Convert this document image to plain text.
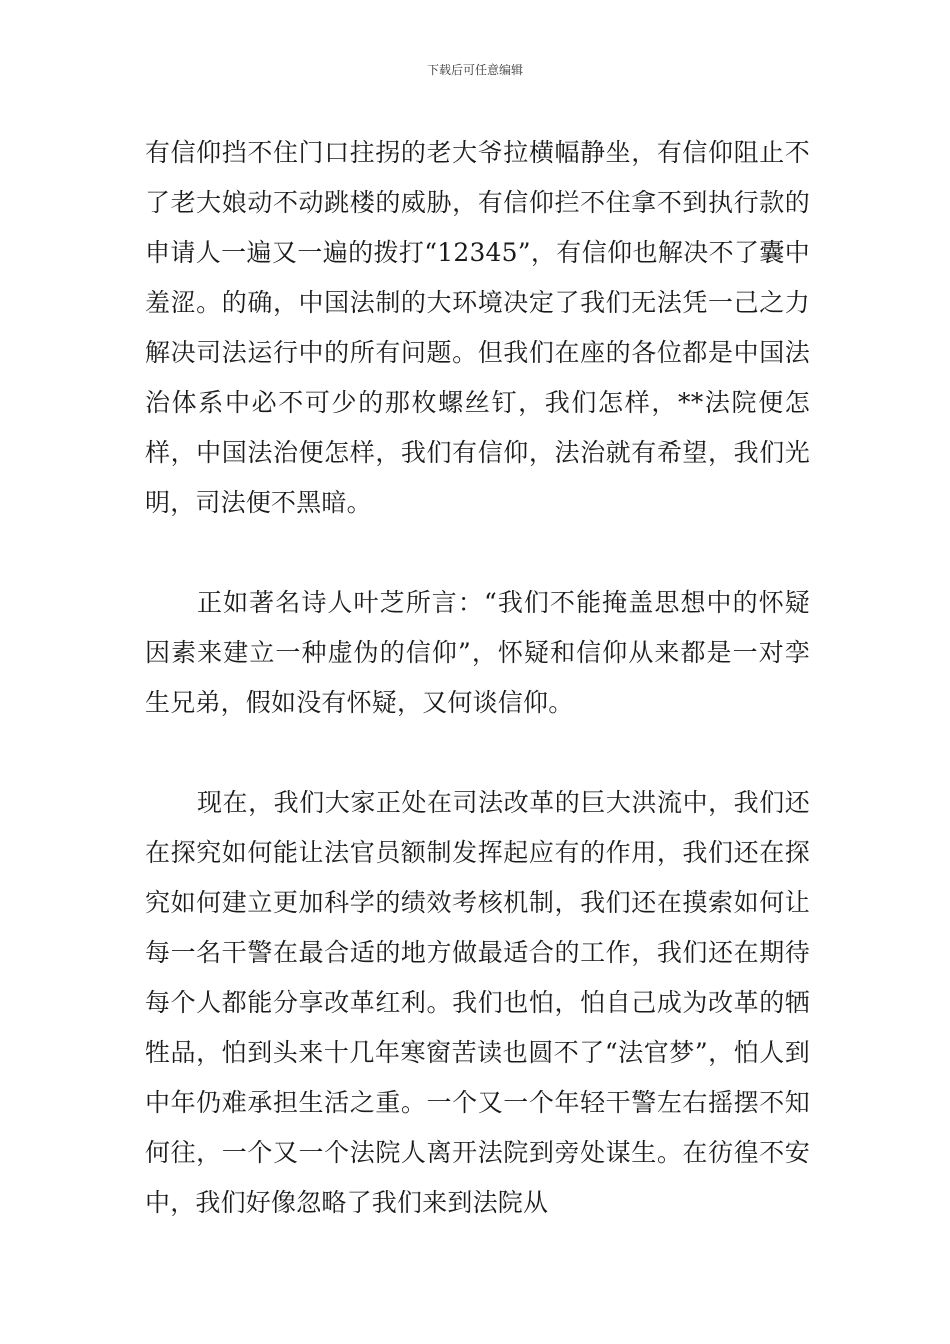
下载后可任意编辑

有信仰挡不住门口拄拐的老大爷拉横幅静坐，有信仰阻止不了老大娘动不动跳楼的威胁，有信仰拦不住拿不到执行款的申请人一遍又一遍的拨打“12345”，有信仰也解决不了囊中羞涩。的确，中国法制的大环境决定了我们无法凭一己之力解决司法运行中的所有问题。但我们在座的各位都是中国法治体系中必不可少的那枚螺丝钉，我们怎样，**法院便怎样，中国法治便怎样，我们有信仰，法治就有希望，我们光明，司法便不黑暗。

正如著名诗人叶芝所言：“我们不能掩盖思想中的怀疑因素来建立一种虚伪的信仰”，怀疑和信仰从来都是一对孪生兄弟，假如没有怀疑，又何谈信仰。

现在，我们大家正处在司法改革的巨大洪流中，我们还在探究如何能让法官员额制发挥起应有的作用，我们还在探究如何建立更加科学的绩效考核机制，我们还在摸索如何让每一名干警在最合适的地方做最适合的工作，我们还在期待每个人都能分享改革红利。我们也怕，怕自己成为改革的牺牲品，怕到头来十几年寒窗苦读也圆不了“法官梦”，怕人到中年仍难承担生活之重。一个又一个年轻干警左右摇摆不知何往，一个又一个法院人离开法院到旁处谋生。在彷徨不安中，我们好像忽略了我们来到法院从
